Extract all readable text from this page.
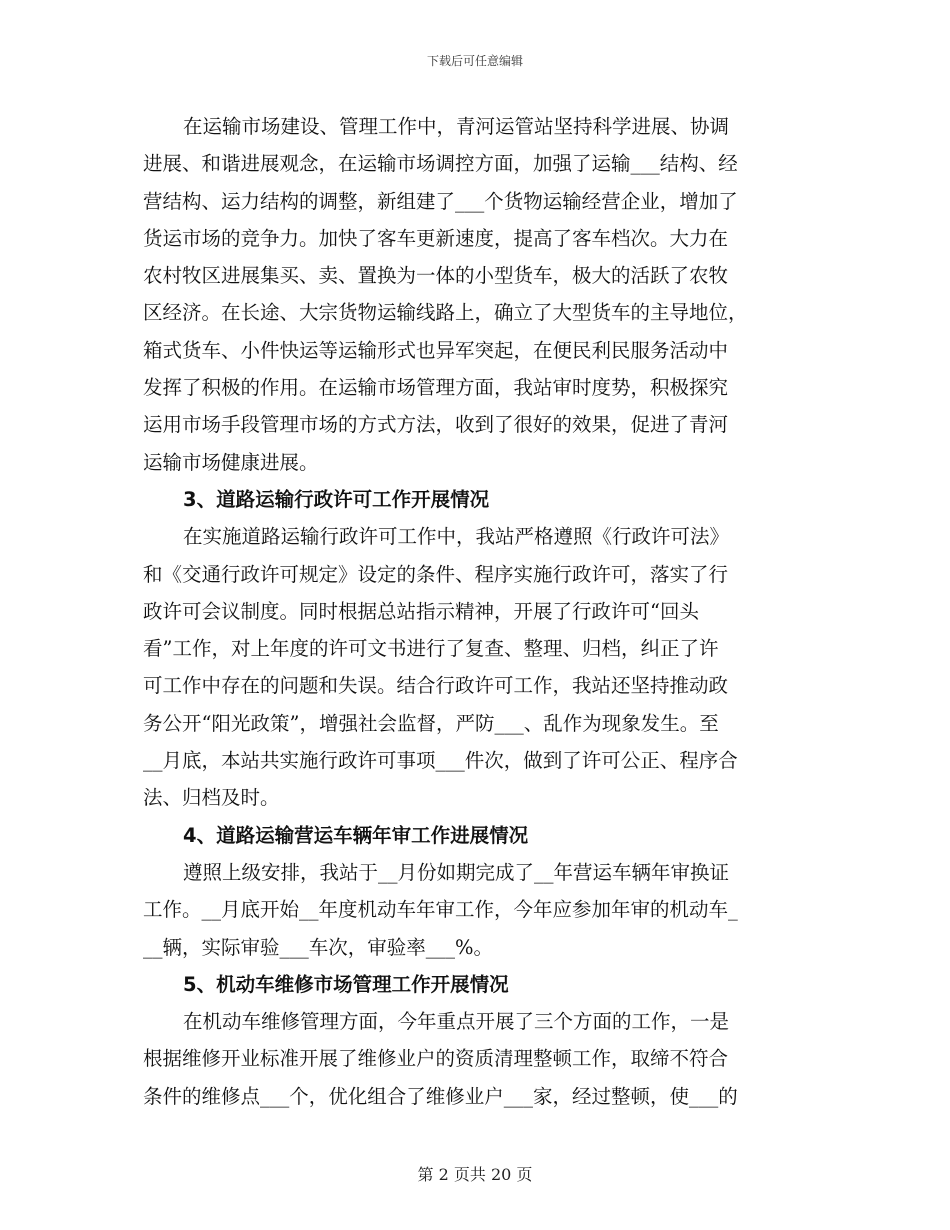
下载后可任意编辑
在运输市场建设、管理工作中，青河运管站坚持科学进展、协调
进展、和谐进展观念，在运输市场调控方面，加强了运输___结构、经
营结构、运力结构的调整，新组建了___个货物运输经营企业，增加了
货运市场的竞争力。加快了客车更新速度，提高了客车档次。大力在
农村牧区进展集买、卖、置换为一体的小型货车，极大的活跃了农牧
区经济。在长途、大宗货物运输线路上，确立了大型货车的主导地位，
箱式货车、小件快运等运输形式也异军突起，在便民利民服务活动中
发挥了积极的作用。在运输市场管理方面，我站审时度势，积极探究
运用市场手段管理市场的方式方法，收到了很好的效果，促进了青河
运输市场健康进展。
3、道路运输行政许可工作开展情况
在实施道路运输行政许可工作中，我站严格遵照《行政许可法》
和《交通行政许可规定》设定的条件、程序实施行政许可，落实了行
政许可会议制度。同时根据总站指示精神，开展了行政许可“回头
看”工作，对上年度的许可文书进行了复查、整理、归档，纠正了许
可工作中存在的问题和失误。结合行政许可工作，我站还坚持推动政
务公开“阳光政策”，增强社会监督，严防___、乱作为现象发生。至
__月底，本站共实施行政许可事项___件次，做到了许可公正、程序合
法、归档及时。
4、道路运输营运车辆年审工作进展情况
遵照上级安排，我站于__月份如期完成了__年营运车辆年审换证
工作。__月底开始__年度机动车年审工作，今年应参加年审的机动车_
__辆，实际审验___车次，审验率___%。
5、机动车维修市场管理工作开展情况
在机动车维修管理方面，今年重点开展了三个方面的工作，一是
根据维修开业标准开展了维修业户的资质清理整顿工作，取缔不符合
条件的维修点___个，优化组合了维修业户___家，经过整顿，使___的
第 2 页共 20 页
